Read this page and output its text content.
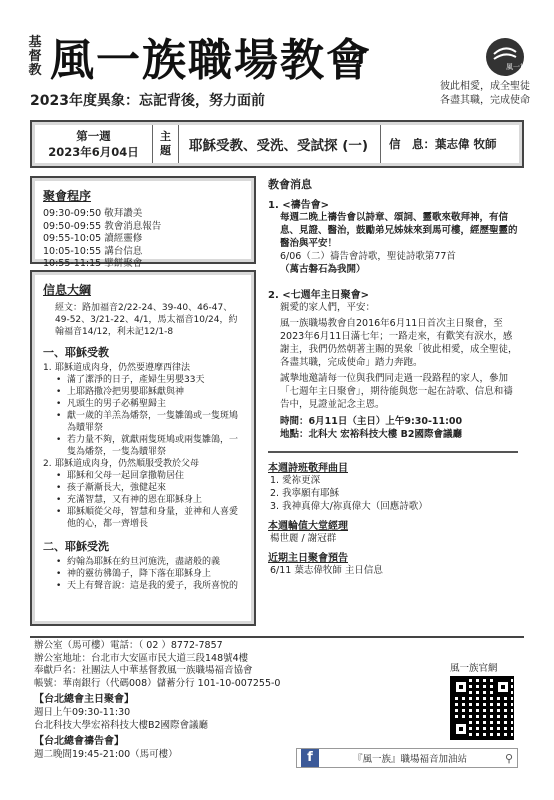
基
督
教 風一族職場教會
2023年度異象：忘記背後，努力面前
風一族
彼此相愛，成全聖徒
各盡其職，完成使命
第一週
2023年6月04日
主
題	耶穌受教、受洗、受試探 (一)	信　息：葉志偉 牧師
聚會程序
09:30-09:50 敬拜讚美
09:50-09:55 教會消息報告
09:55-10:05 讀經靈修
10:05-10:55 講台信息
10:55-11:15 擘餅聚會
信息大綱
經文：路加福音2/22-24、39-40、46-47、49-52、3/21-22、4/1，馬太福音10/24，約翰福音14/12，利未記12/1-8
一、耶穌受教
1. 耶穌道成肉身，仍然要遵摩西律法
• 滿了潔淨的日子，產婦生男嬰33天
• 上耶路撒冷把男嬰耶穌獻與神
• 凡頭生的男子必稱聖歸主
• 獻一歲的羊羔為燔祭，一隻雛鴿或一隻斑鳩為贖罪祭
• 若力量不夠，就獻兩隻斑鳩或兩隻雛鴿，一隻為燔祭，一隻為贖罪祭
2. 耶穌道成肉身，仍然順服受教於父母
• 耶穌和父母一起回拿撒勒居住
• 孩子漸漸長大，強健起來
• 充滿智慧，又有神的恩在耶穌身上
• 耶穌順從父母，智慧和身量，並神和人喜愛他的心，都一齊增長
二、耶穌受洗
• 約翰為耶穌在約旦河施洗，盡諸般的義
• 神的靈彷彿鴿子，降下落在耶穌身上
• 天上有聲音說：這是我的愛子，我所喜悅的
教會消息
1. <禱告會>
每週二晚上禱告會以詩章、頌詞、靈歌來敬拜神，有信息、見證、醫治，鼓勵弟兄姊妹來到馬可樓，經歷聖靈的醫治與平安！
6/06（二）禱告會詩歌，聖徒詩歌第77首
（萬古磐石為我開）
2. <七週年主日聚會>
親愛的家人們，平安：
風一族職場教會自2016年6月11日首次主日聚會，至2023年6月11日滿七年；一路走來，有歡笑有淚水，感謝主，我們仍然朝著主賜的異象「彼此相愛，成全聖徒，各盡其職，完成使命」踏力奔跑。
誠摯地邀請每一位與我們同走過一段路程的家人，參加「七週年主日聚會」，期待能與您一起在詩歌、信息和禱告中，見證並記念主恩。
時間：6月11日（主日）上午9:30-11:00
地點：北科大 宏裕科技大樓 B2國際會議廳
本週詩班敬拜曲目
1. 愛祢更深
2. 我寧願有耶穌
3. 我神真偉大/祢真偉大（回應詩歌）
本週輪值大堂經理
楊世麗 / 謝冠群
近期主日聚會預告
6/11 葉志偉牧師 主日信息
辦公室（馬可樓）電話：（ 02 ）8772-7857
辦公室地址：台北市大安區市民大道三段148號4樓
奉獻戶名：社團法人中華基督教風一族職場福音協會
帳號：華南銀行（代碼008）儲蓄分行 101-10-007255-0
【台北總會主日聚會】
週日上午09:30-11:30
台北科技大學宏裕科技大樓B2國際會議廳
【台北總會禱告會】
週二晚間19:45-21:00（馬可樓）
風一族官網
f	『風一族』職場福音加油站	⚲
